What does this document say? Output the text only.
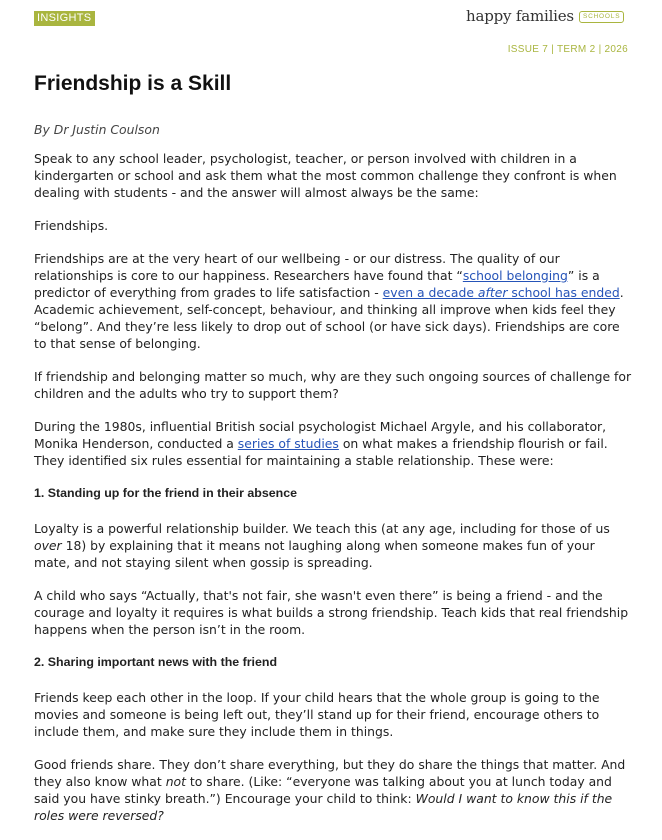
INSIGHTS	happy families	SCHOOLS
ISSUE 7 | TERM 2 | 2026
Friendship is a Skill
By Dr Justin Coulson

Speak to any school leader, psychologist, teacher, or person involved with children in a kindergarten or school and ask them what the most common challenge they confront is when dealing with students - and the answer will almost always be the same:

Friendships.

Friendships are at the very heart of our wellbeing - or our distress. The quality of our relationships is core to our happiness. Researchers have found that “school belonging” is a predictor of everything from grades to life satisfaction - even a decade after school has ended. Academic achievement, self-concept, behaviour, and thinking all improve when kids feel they “belong”. And they’re less likely to drop out of school (or have sick days). Friendships are core to that sense of belonging.

If friendship and belonging matter so much, why are they such ongoing sources of challenge for children and the adults who try to support them?

During the 1980s, influential British social psychologist Michael Argyle, and his collaborator, Monika Henderson, conducted a series of studies on what makes a friendship flourish or fail. They identified six rules essential for maintaining a stable relationship. These were:

1. Standing up for the friend in their absence

Loyalty is a powerful relationship builder. We teach this (at any age, including for those of us over 18) by explaining that it means not laughing along when someone makes fun of your mate, and not staying silent when gossip is spreading.

A child who says “Actually, that's not fair, she wasn't even there” is being a friend - and the courage and loyalty it requires is what builds a strong friendship. Teach kids that real friendship happens when the person isn’t in the room.

2. Sharing important news with the friend

Friends keep each other in the loop. If your child hears that the whole group is going to the movies and someone is being left out, they’ll stand up for their friend, encourage others to include them, and make sure they include them in things.

Good friends share. They don’t share everything, but they do share the things that matter. And they also know what not to share. (Like: “everyone was talking about you at lunch today and said you have stinky breath.”) Encourage your child to think: Would I want to know this if the roles were reversed?
